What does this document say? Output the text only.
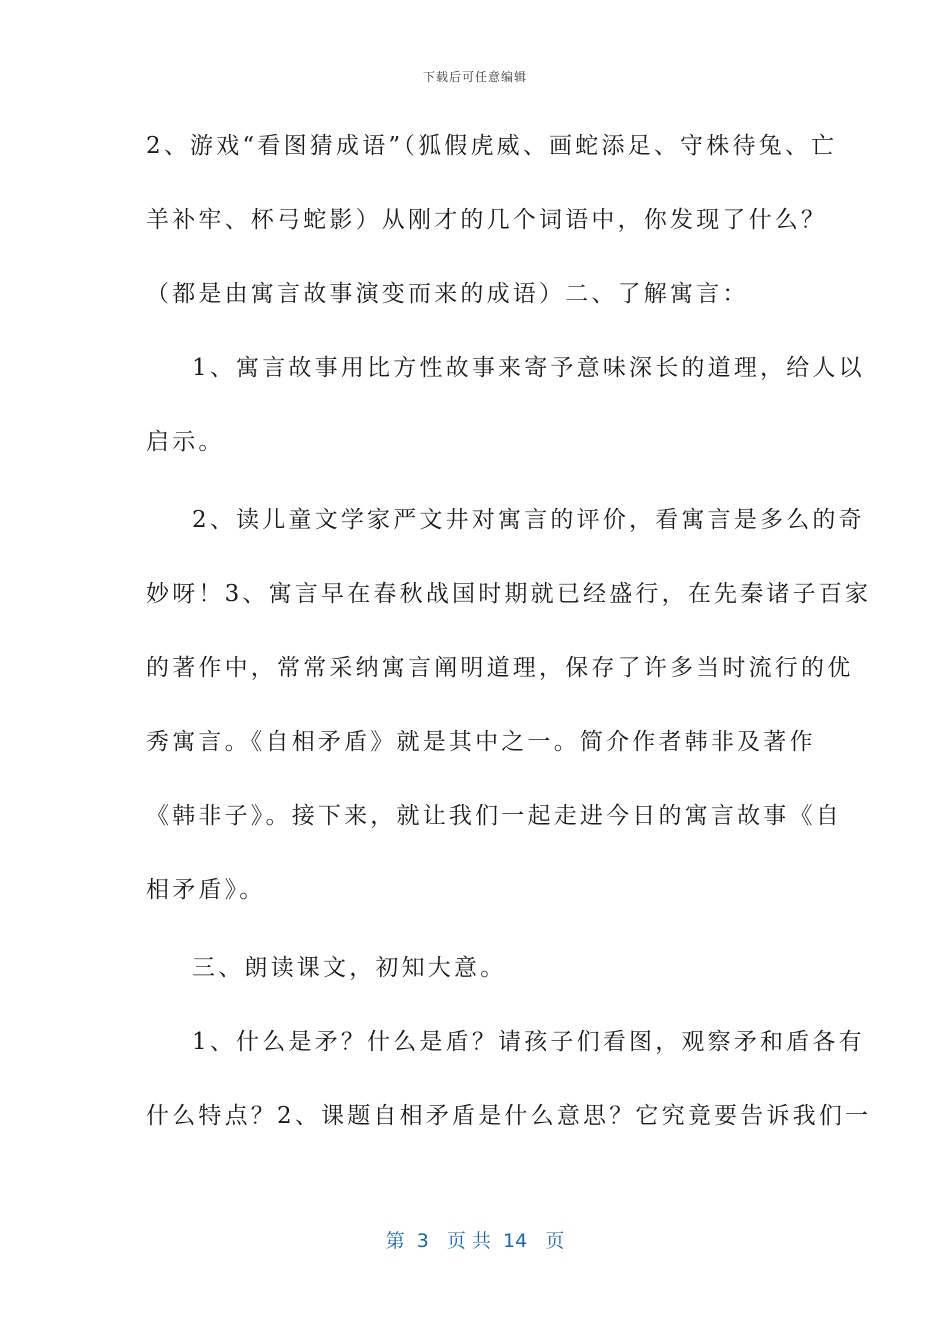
下载后可任意编辑
2、游戏“看图猜成语”（狐假虎威、画蛇添足、守株待兔、亡
羊补牢、杯弓蛇影）从刚才的几个词语中，你发现了什么？
（都是由寓言故事演变而来的成语）二、了解寓言：
1、寓言故事用比方性故事来寄予意味深长的道理，给人以
启示。
2、读儿童文学家严文井对寓言的评价，看寓言是多么的奇
妙呀！3、寓言早在春秋战国时期就已经盛行，在先秦诸子百家
的著作中，常常采纳寓言阐明道理，保存了许多当时流行的优
秀寓言。《自相矛盾》就是其中之一。简介作者韩非及著作
《韩非子》。接下来，就让我们一起走进今日的寓言故事《自
相矛盾》。
三、朗读课文，初知大意。
1、什么是矛？什么是盾？请孩子们看图，观察矛和盾各有
什么特点？2、课题自相矛盾是什么意思？它究竟要告诉我们一
第  3   页 共  14   页
